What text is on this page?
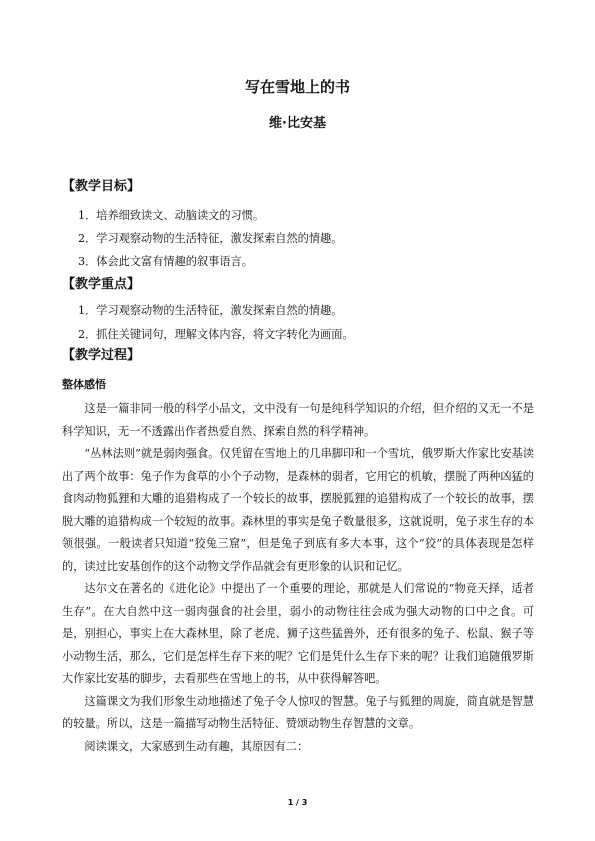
写在雪地上的书
维·比安基
【教学目标】
1．培养细致读文、动脑读文的习惯。
2．学习观察动物的生活特征，激发探索自然的情趣。
3．体会此文富有情趣的叙事语言。
【教学重点】
1．学习观察动物的生活特征，激发探索自然的情趣。
2．抓住关键词句，理解文体内容，将文字转化为画面。
【教学过程】
整体感悟

这是一篇非同一般的科学小品文，文中没有一句是纯科学知识的介绍，但介绍的又无一不是科学知识，无一不透露出作者热爱自然、探索自然的科学精神。

“丛林法则”就是弱肉强食。仅凭留在雪地上的几串脚印和一个雪坑，俄罗斯大作家比安基读出了两个故事：兔子作为食草的小个子动物，是森林的弱者，它用它的机敏，摆脱了两种凶猛的食肉动物狐狸和大雕的追猎构成了一个较长的故事，摆脱狐狸的追猎构成了一个较长的故事，摆脱大雕的追猎构成一个较短的故事。森林里的事实是兔子数量很多，这就说明，兔子求生存的本领很强。一般读者只知道“狡兔三窟”，但是兔子到底有多大本事，这个“狡”的具体表现是怎样的，读过比安基创作的这个动物文学作品就会有更形象的认识和记忆。

达尔文在著名的《进化论》中提出了一个重要的理论，那就是人们常说的“物竞天择，适者生存”。在大自然中这一弱肉强食的社会里，弱小的动物往往会成为强大动物的口中之食。可是，别担心，事实上在大森林里，除了老虎、狮子这些猛兽外，还有很多的兔子、松鼠、猴子等小动物生活，那么，它们是怎样生存下来的呢？它们是凭什么生存下来的呢？让我们追随俄罗斯大作家比安基的脚步，去看那些在雪地上的书，从中获得解答吧。

这篇课文为我们形象生动地描述了兔子令人惊叹的智慧。兔子与狐狸的周旋，简直就是智慧的较量。所以，这是一篇描写动物生活特征、赞颂动物生存智慧的文章。

阅读课文，大家感到生动有趣，其原因有二：

1 / 3
